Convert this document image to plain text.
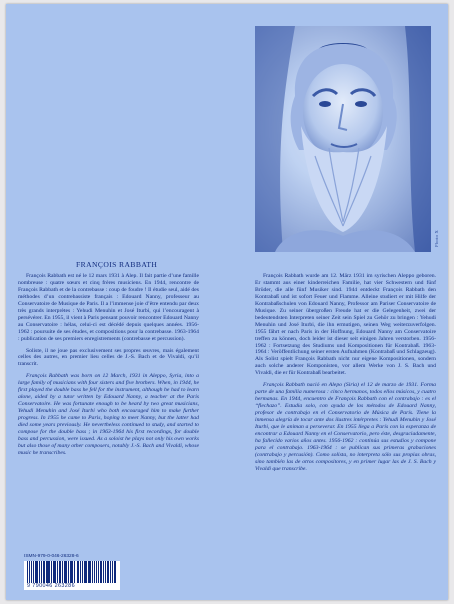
Photo X
FRANÇOIS RABBATH

François Rabbath est né le 12 mars 1931 à Alep. Il fait partie d’une famille nombreuse : quatre sœurs et cinq frères musiciens. En 1944, rencontre de François Rabbath et de la contrebasse : coup de foudre ! Il étudie seul, aidé des méthodes d’un contrebassiste français : Edouard Nanny, professeur au Conservatoire de Musique de Paris. Il a l’immense joie d’être entendu par deux très grands interprètes : Yehudi Menuhin et José Iturbi, qui l’encouragent à persévérer. En 1955, il vient à Paris pensant pouvoir rencontrer Edouard Nanny au Conservatoire : hélas, celui-ci est décédé depuis quelques années. 1956-1962 : poursuite de ses études, et compositions pour la contrebasse. 1963-1964 : publication de ses premiers enregistrements (contrebasse et percussion).

Soliste, il ne joue pas exclusivement ses propres œuvres, mais également celles des autres, en premier lieu celles de J.-S. Bach et de Vivaldi, qu’il transcrit.

François Rabbath was born on 12 March, 1931 in Aleppo, Syria, into a large family of musicians with four sisters and five brothers. When, in 1944, he first played the double bass he fell for the instrument, although he had to learn alone, aided by a tutor written by Edouard Nanny, a teacher at the Paris Conservatoire. He was fortunate enough to be heard by two great musicians, Yehudi Menuhin and José Iturbi who both encouraged him to make further progress. In 1955 he came to Paris, hoping to meet Nanny, but the latter had died some years previously. He nevertheless continued to study, and started to compose for the double bass ; in 1963-1964 his first recordings, for double bass and percussion, were issued. As a soloist he plays not only his own works but also those of many other composers, notably J.-S. Bach and Vivaldi, whose music he transcribes.

François Rabbath wurde am 12. März 1931 im syrischen Aleppo geboren. Er stammt aus einer kinderreichen Familie, hat vier Schwestern und fünf Brüder, die alle fünf Musiker sind. 1944 entdeckt François Rabbath den Kontrabaß und ist sofort Feuer und Flamme. Alleine studiert er mit Hilfe der Kontrabaßschulen von Edouard Nanny, Professor am Pariser Conservatoire de Musique. Zu seiner übergroßen Freude hat er die Gelegenheit, zwei der bedeutendsten Interpreten seiner Zeit sein Spiel zu Gehör zu bringen : Yehudi Menuhin und José Iturbi, die ihn ermutigen, seinen Weg weiterzuverfolgen. 1955 fährt er nach Paris in der Hoffnung, Edouard Nanny am Conservatoire treffen zu können, doch leider ist dieser seit einigen Jahren verstorben. 1956-1962 : Fortsetzung des Studiums und Kompositionen für Kontrabaß. 1963-1964 : Veröffentlichung seiner ersten Aufnahmen (Kontrabaß und Schlagzeug). Als Solist spielt François Rabbath nicht nur eigene Kompositionen, sondern auch solche anderer Komponisten, vor allem Werke von J. S. Bach und Vivaldi, die er für Kontrabaß bearbeitet.

François Rabbath nació en Alepo (Siria) el 12 de marzo de 1931. Forma parte de una familia numerosa : cinco hermanos, todos ellos músicos, y cuatro hermanas. En 1944, encuentro de François Rabbath con el contrabajo : es el “flechazo”. Estudia solo, con ayuda de los métodos de Edouard Nanny, profesor de contrabajo en el Conservatorio de Música de París. Tiene la inmensa alegría de tocar ante dos ilustres intérpretes : Yehudi Menuhin y José Iturbi, que le animan a perseverar. En 1955 llega a París con la esperanza de encontrar a Edouard Nanny en el Conservatorio, pero éste, desgraciadamente, ha fallecido varios años antes. 1956-1962 : continúa sus estudios y compone para el contrabajo. 1963-1964 : se publican sus primeras grabaciones (contrabajo y percusión). Como solista, no interpreta sólo sus propias obras, sino también las de otros compositores, y en primer lugar las de J. S. Bach y Vivaldi que transcribe.

ISMN-979-0-046-26328-6
9 790046 263286
